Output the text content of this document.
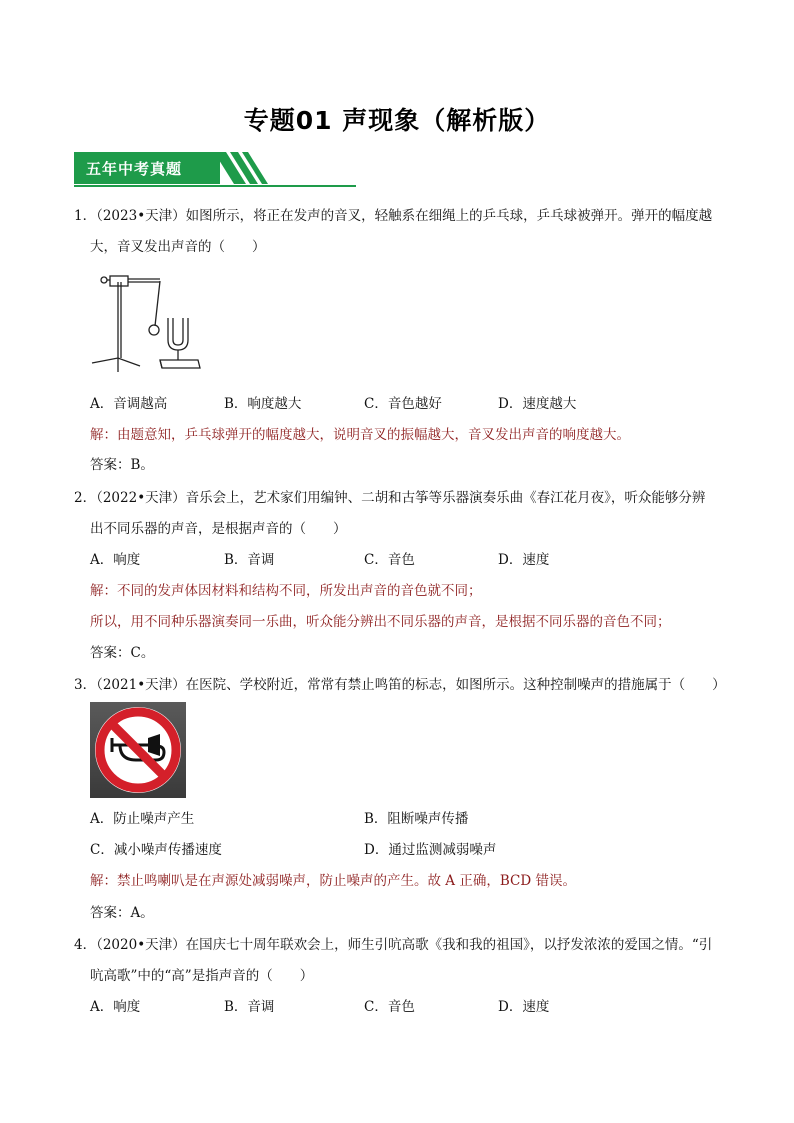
专题01 声现象（解析版）
五年中考真题
1．（2023•天津）如图所示，将正在发声的音叉，轻触系在细绳上的乒乓球，乒乓球被弹开。弹开的幅度越
大，音叉发出声音的（　　）
A．音调越高	B．响度越大	C．音色越好	D．速度越大
解：由题意知，乒乓球弹开的幅度越大，说明音叉的振幅越大，音叉发出声音的响度越大。
答案：B。
2．（2022•天津）音乐会上，艺术家们用编钟、二胡和古筝等乐器演奏乐曲《春江花月夜》，听众能够分辨
出不同乐器的声音，是根据声音的（　　）
A．响度	B．音调	C．音色	D．速度
解：不同的发声体因材料和结构不同，所发出声音的音色就不同；
所以，用不同种乐器演奏同一乐曲，听众能分辨出不同乐器的声音，是根据不同乐器的音色不同；
答案：C。
3．（2021•天津）在医院、学校附近，常常有禁止鸣笛的标志，如图所示。这种控制噪声的措施属于（　　）
A．防止噪声产生	B．阻断噪声传播
C．减小噪声传播速度	D．通过监测减弱噪声
解：禁止鸣喇叭是在声源处减弱噪声，防止噪声的产生。故 A 正确，BCD 错误。
答案：A。
4．（2020•天津）在国庆七十周年联欢会上，师生引吭高歌《我和我的祖国》，以抒发浓浓的爱国之情。“引
吭高歌”中的“高”是指声音的（　　）
A．响度	B．音调	C．音色	D．速度
